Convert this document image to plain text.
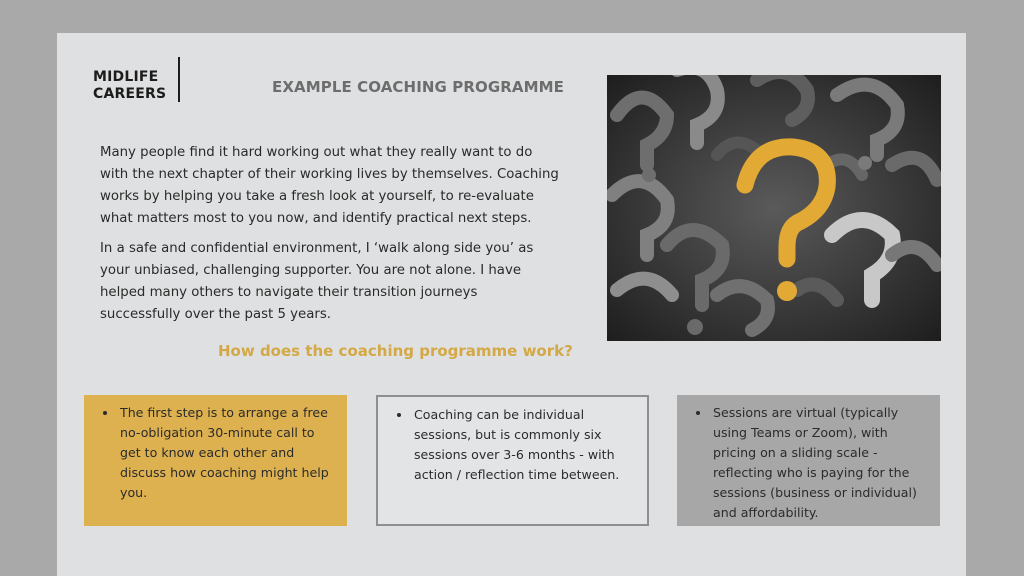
MIDLIFE
CAREERS	EXAMPLE COACHING PROGRAMME

Many people find it hard working out what they really want to do with the next chapter of their working lives by themselves. Coaching works by helping you take a fresh look at yourself, to re-evaluate what matters most to you now, and identify practical next steps.

In a safe and confidential environment, I ‘walk along side you’ as your unbiased, challenging supporter. You are not alone. I have helped many others to navigate their transition journeys successfully over the past 5 years.

How does the coaching programme work?
• The first step is to arrange a free no-obligation 30-minute call to get to know each other and discuss how coaching might help you.
• Coaching can be individual sessions, but is commonly six sessions over 3-6 months - with action / reflection time between.
• Sessions are virtual (typically using Teams or Zoom), with pricing on a sliding scale - reflecting who is paying for the sessions (business or individual) and affordability.
